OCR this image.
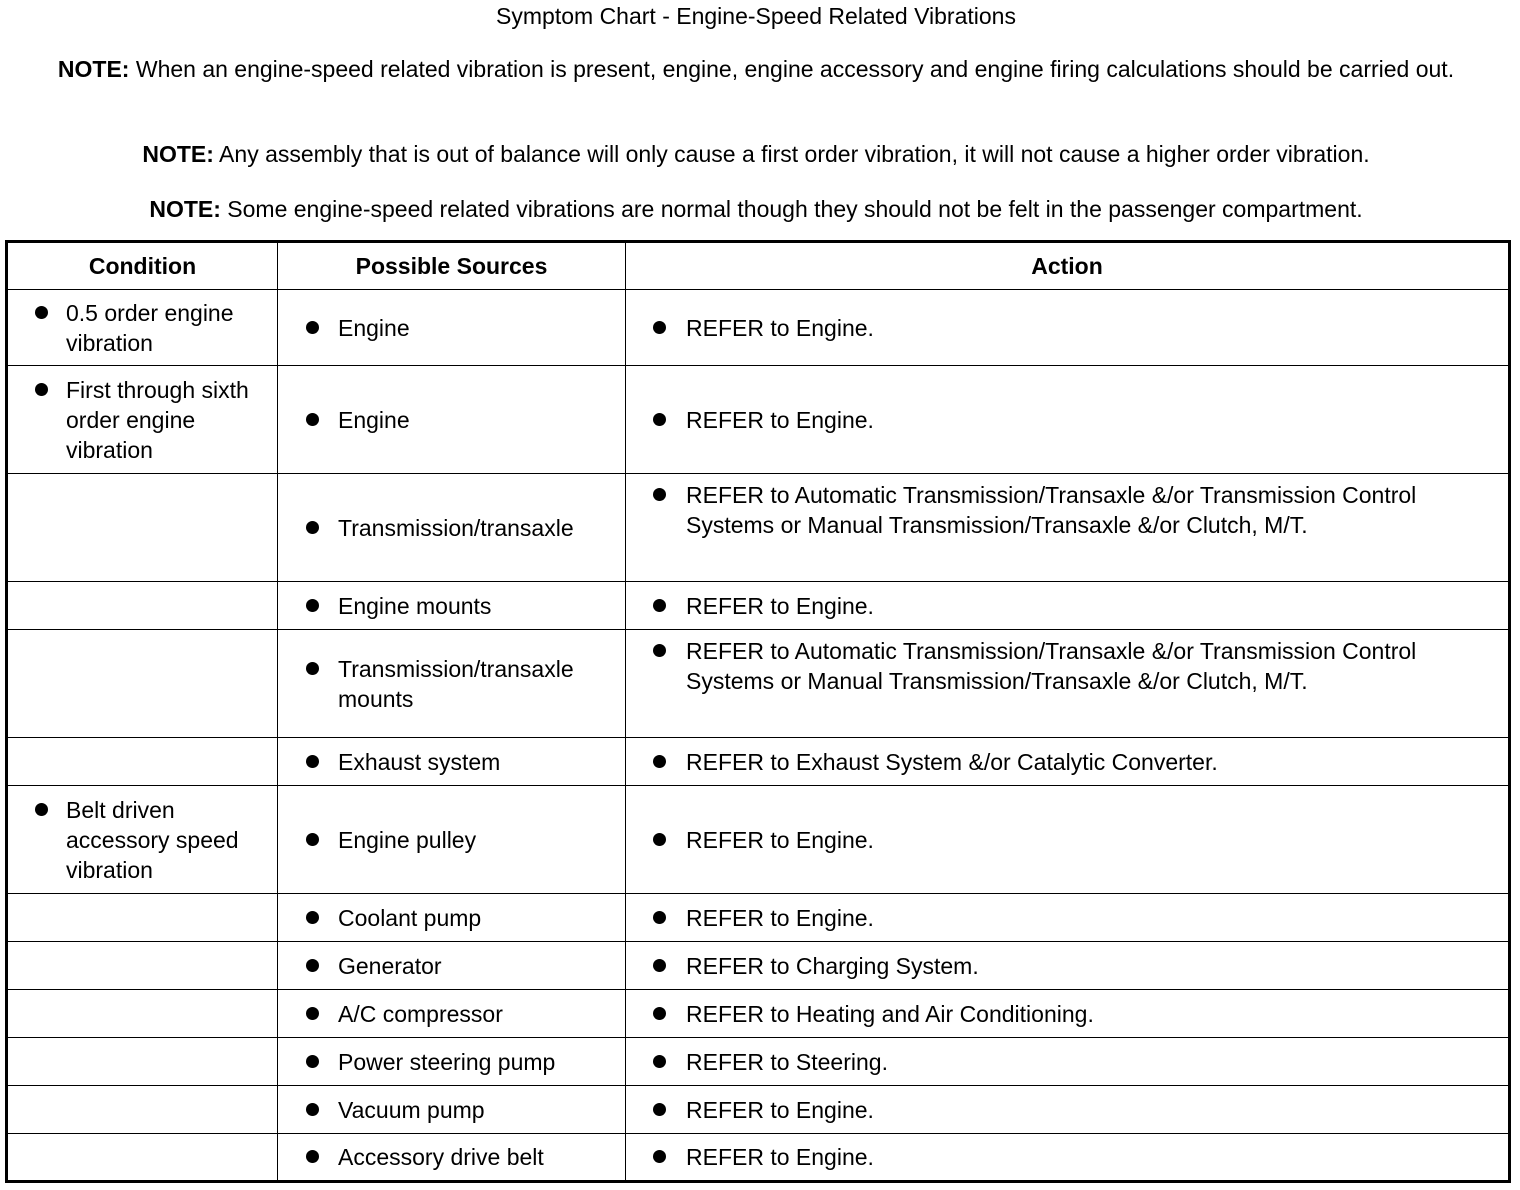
Symptom Chart - Engine-Speed Related Vibrations
NOTE: When an engine-speed related vibration is present, engine, engine accessory and engine firing calculations should be carried out.
NOTE: Any assembly that is out of balance will only cause a first order vibration, it will not cause a higher order vibration.
NOTE: Some engine-speed related vibrations are normal though they should not be felt in the passenger compartment.
Condition	Possible Sources	Action

0.5 order engine vibration	Engine	REFER to Engine.

First through sixth order engine vibration	Engine	REFER to Engine.

	Transmission/transaxle	REFER to Automatic Transmission/Transaxle &/or Transmission Control Systems or Manual Transmission/Transaxle &/or Clutch, M/T.

	Engine mounts	REFER to Engine.

	Transmission/transaxle mounts	REFER to Automatic Transmission/Transaxle &/or Transmission Control Systems or Manual Transmission/Transaxle &/or Clutch, M/T.

	Exhaust system	REFER to Exhaust System &/or Catalytic Converter.

Belt driven accessory speed vibration	Engine pulley	REFER to Engine.

	Coolant pump	REFER to Engine.

	Generator	REFER to Charging System.

	A/C compressor	REFER to Heating and Air Conditioning.

	Power steering pump	REFER to Steering.

	Vacuum pump	REFER to Engine.

	Accessory drive belt	REFER to Engine.
